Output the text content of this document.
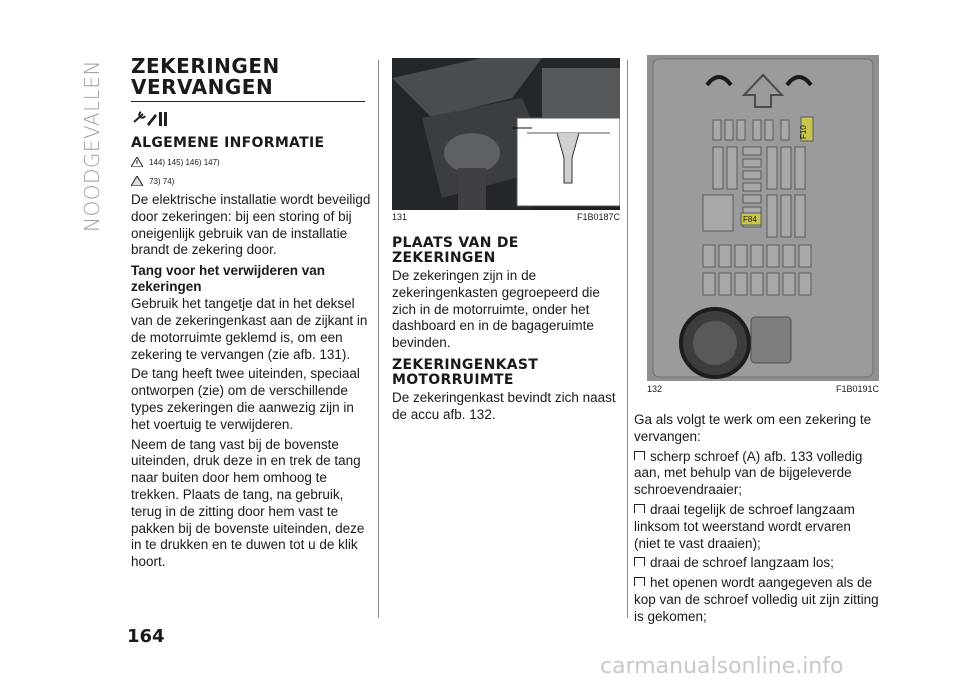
NOODGEVALLEN
164
ZEKERINGEN
VERVANGEN
ALGEMENE INFORMATIE
144) 145) 146) 147)
73) 74)

De elektrische installatie wordt beveiligd door zekeringen: bij een storing of bij oneigenlijk gebruik van de installatie brandt de zekering door.

Tang voor het verwijderen van zekeringen

Gebruik het tangetje dat in het deksel van de zekeringenkast aan de zijkant in de motorruimte geklemd is, om een zekering te vervangen (zie afb. 131).

De tang heeft twee uiteinden, speciaal ontworpen (zie) om de verschillende types zekeringen die aanwezig zijn in het voertuig te verwijderen.

Neem de tang vast bij de bovenste uiteinden, druk deze in en trek de tang naar buiten door hem omhoog te trekken. Plaats de tang, na gebruik, terug in de zitting door hem vast te pakken bij de bovenste uiteinden, deze in te drukken en te duwen tot u de klik hoort.

131	F1B0187C
PLAATS VAN DE
ZEKERINGEN

De zekeringen zijn in de zekeringenkasten gegroepeerd die zich in de motorruimte, onder het dashboard en in de bagageruimte bevinden.

ZEKERINGENKAST
MOTORRUIMTE

De zekeringenkast bevindt zich naast de accu afb. 132.

F10
F84
132	F1B0191C

Ga als volgt te werk om een zekering te vervangen:

scherp schroef (A) afb. 133 volledig aan, met behulp van de bijgeleverde schroevendraaier;

draai tegelijk de schroef langzaam linksom tot weerstand wordt ervaren (niet te vast draaien);

draai de schroef langzaam los;

het openen wordt aangegeven als de kop van de schroef volledig uit zijn zitting is gekomen;

carmanualsonline.info
